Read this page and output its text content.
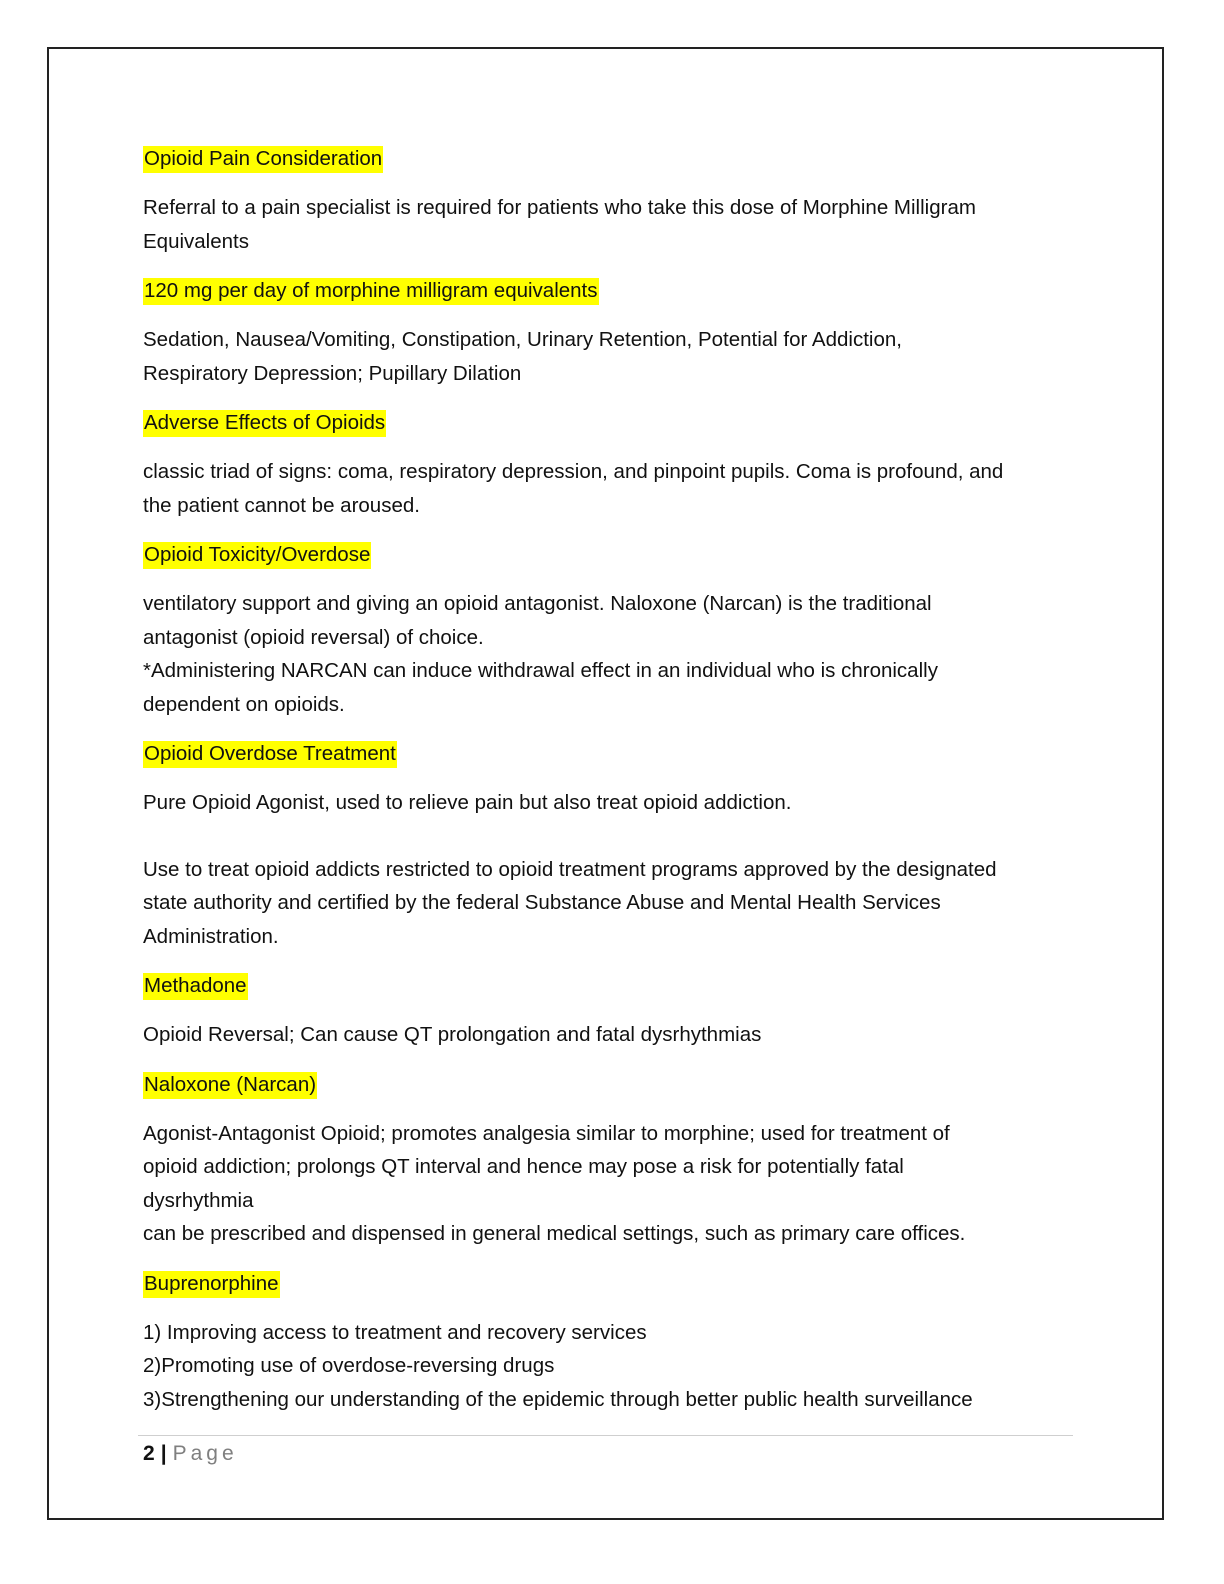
Opioid Pain Consideration
Referral to a pain specialist is required for patients who take this dose of Morphine Milligram
Equivalents
120 mg per day of morphine milligram equivalents
Sedation, Nausea/Vomiting, Constipation, Urinary Retention, Potential for Addiction,
Respiratory Depression; Pupillary Dilation
Adverse Effects of Opioids
classic triad of signs: coma, respiratory depression, and pinpoint pupils. Coma is profound, and
the patient cannot be aroused.
Opioid Toxicity/Overdose
ventilatory support and giving an opioid antagonist. Naloxone (Narcan) is the traditional
antagonist (opioid reversal) of choice.
*Administering NARCAN can induce withdrawal effect in an individual who is chronically
dependent on opioids.
Opioid Overdose Treatment
Pure Opioid Agonist, used to relieve pain but also treat opioid addiction.
Use to treat opioid addicts restricted to opioid treatment programs approved by the designated
state authority and certified by the federal Substance Abuse and Mental Health Services
Administration.
Methadone
Opioid Reversal; Can cause QT prolongation and fatal dysrhythmias
Naloxone (Narcan)
Agonist-Antagonist Opioid; promotes analgesia similar to morphine; used for treatment of
opioid addiction; prolongs QT interval and hence may pose a risk for potentially fatal
dysrhythmia
can be prescribed and dispensed in general medical settings, such as primary care offices.
Buprenorphine
1) Improving access to treatment and recovery services
2)Promoting use of overdose-reversing drugs
3)Strengthening our understanding of the epidemic through better public health surveillance
2 | Page
